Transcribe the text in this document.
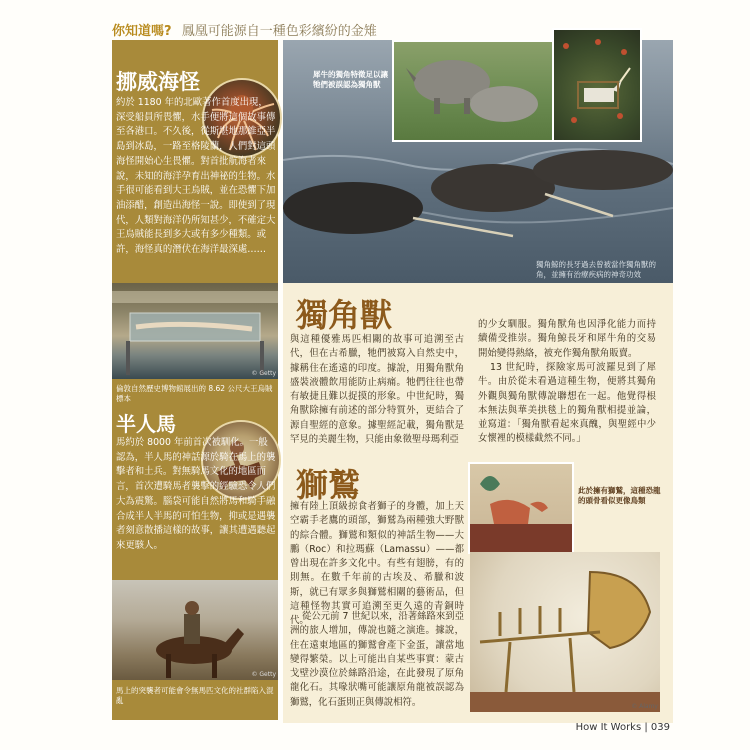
你知道嗎? 鳳凰可能源自一種色彩繽紛的金雉
挪威海怪
約於 1180 年的北歐著作首度出現，深受船員所畏懼，水手便將這個故事傳至各港口。不久後，從斯堪地那維亞半島到冰島，一路至格陵蘭，人們對這頭海怪開始心生畏懼。對首批航海者來說，未知的海洋孕育出神祕的生物。水手很可能看到大王烏賊，並在恐懼下加油添醋，創造出海怪一說。即使到了現代，人類對海洋仍所知甚少，不確定大王烏賊能長到多大或有多少種類。或許，海怪真的潛伏在海洋最深處……
© Getty
倫敦自然歷史博物館展出的 8.62 公尺大王烏賊標本
半人馬
馬約於 8000 年前首次被馴化。一般認為，半人馬的神話源於騎在馬上的襲擊者和土兵。對無騎馬文化的地區而言，首次遭騎馬者襲擊的經驗恐令人們大為震驚。腦袋可能自然將馬和騎手融合成半人半馬的可怕生物，抑或是遇襲者刻意散播這樣的故事，讓其遭遇聽起來更駭人。
© Getty
馬上的突襲者可能會令無馬匹文化的社群陷入混亂
犀牛的獨角特徵足以讓牠們被誤認為獨角獸
獨角鯨的長牙過去曾被當作獨角獸的角，並擁有治療疾病的神奇功效
獨角獸
與這種優雅馬匹相關的故事可追溯至古代，但在古希臘，牠們被寫入自然史中，據稱住在遙遠的印度。據說，用獨角獸角盛裝液體飲用能防止病痛。牠們往往也帶有敏捷且難以捉摸的形象。中世紀時，獨角獸除擁有前述的部分特質外，更結合了源自聖經的意象。據聖經記載，獨角獸是罕見的美麗生物，只能由象徵聖母瑪利亞
的少女馴服。獨角獸角也因淨化能力而持續備受推崇。獨角鯨長牙和犀牛角的交易開始變得熱絡，被充作獨角獸角販賣。
13 世紀時，探險家馬可波羅見到了犀牛。由於從未看過這種生物，便將其獨角外觀與獨角獸傳說聯想在一起。他覺得根本無法與華美拱毯上的獨角獸相提並論，並寫道：「獨角獸看起來真醜，與聖經中少女懷裡的模樣截然不同。」
© Alamy
此於擁有獅鷲，這種恐龍的頭骨看似更像鳥類
獅鷲
擁有陸上頂級掠食者獅子的身體，加上天空霸手老鷹的頭部，獅鷲為兩種強大野獸的綜合體。獅鷲和類似的神話生物——大鵬（Roc）和拉瑪蘇（Lamassu）——都曾出現在許多文化中。有些有翅膀，有的則無。在數千年前的古埃及、希臘和波斯，就已有眾多與獅鷲相關的藝術品，但這種怪物其實可追溯至更久遠的青銅時代。
從公元前 7 世紀以來，沿著絲路來到亞洲的旅人增加，傳說也隨之演進。據說，住在遠東地區的獅鷲會產下金蛋，讓當地變得繁榮。以上可能出自某些事實：蒙古戈壁沙漠位於絲路沿途，在此發現了原角龍化石。其喙狀嘴可能讓原角龍被誤認為獅鷲，化石蛋則正與傳說相符。
How It Works | 039
